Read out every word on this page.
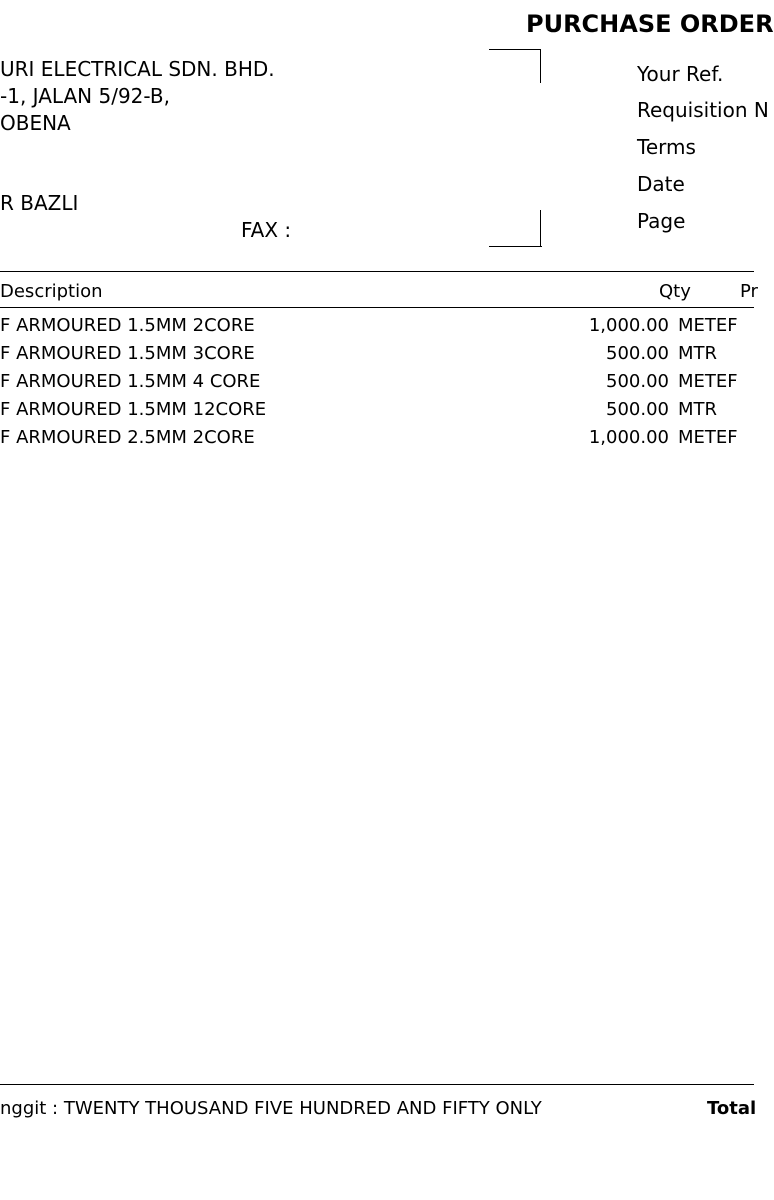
PURCHASE ORDER
URI ELECTRICAL SDN. BHD.
-1, JALAN 5/92-B,
OBENA
R BAZLI
FAX :
Your Ref.
Requisition N
Terms
Date
Page
Description	Qty	Pr
F ARMOURED 1.5MM 2CORE	1,000.00 METEF
F ARMOURED 1.5MM 3CORE	500.00 MTR
F ARMOURED 1.5MM 4 CORE	500.00 METEF
F ARMOURED 1.5MM 12CORE	500.00 MTR
F ARMOURED 2.5MM 2CORE	1,000.00 METEF
nggit : TWENTY THOUSAND FIVE HUNDRED AND FIFTY ONLY	Total
